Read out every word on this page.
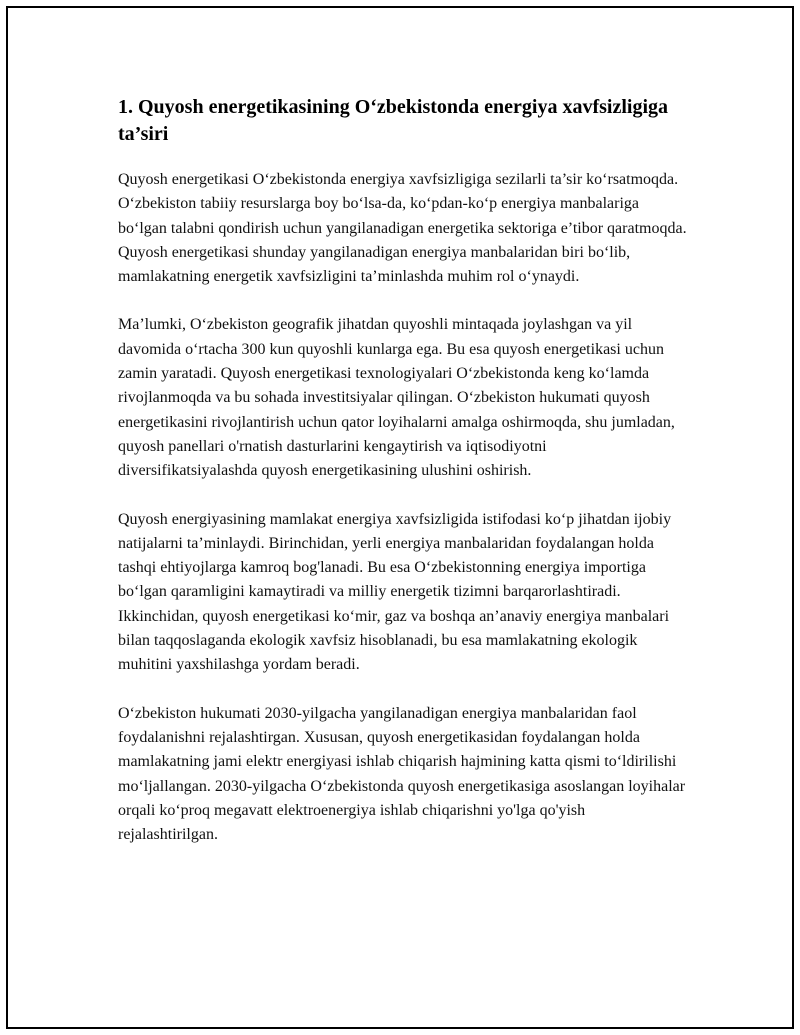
1. Quyosh energetikasining O‘zbekistonda energiya xavfsizligiga ta’siri

Quyosh energetikasi O‘zbekistonda energiya xavfsizligiga sezilarli ta’sir ko‘rsatmoqda. O‘zbekiston tabiiy resurslarga boy bo‘lsa-da, ko‘pdan-ko‘p energiya manbalariga bo‘lgan talabni qondirish uchun yangilanadigan energetika sektoriga e’tibor qaratmoqda. Quyosh energetikasi shunday yangilanadigan energiya manbalaridan biri bo‘lib, mamlakatning energetik xavfsizligini ta’minlashda muhim rol o‘ynaydi.

Ma’lumki, O‘zbekiston geografik jihatdan quyoshli mintaqada joylashgan va yil davomida o‘rtacha 300 kun quyoshli kunlarga ega. Bu esa quyosh energetikasi uchun zamin yaratadi. Quyosh energetikasi texnologiyalari O‘zbekistonda keng ko‘lamda rivojlanmoqda va bu sohada investitsiyalar qilingan. O‘zbekiston hukumati quyosh energetikasini rivojlantirish uchun qator loyihalarni amalga oshirmoqda, shu jumladan, quyosh panellari o'rnatish dasturlarini kengaytirish va iqtisodiyotni diversifikatsiyalashda quyosh energetikasining ulushini oshirish.

Quyosh energiyasining mamlakat energiya xavfsizligida istifodasi ko‘p jihatdan ijobiy natijalarni ta’minlaydi. Birinchidan, yerli energiya manbalaridan foydalangan holda tashqi ehtiyojlarga kamroq bog'lanadi. Bu esa O‘zbekistonning energiya importiga bo‘lgan qaramligini kamaytiradi va milliy energetik tizimni barqarorlashtiradi. Ikkinchidan, quyosh energetikasi ko‘mir, gaz va boshqa an’anaviy energiya manbalari bilan taqqoslaganda ekologik xavfsiz hisoblanadi, bu esa mamlakatning ekologik muhitini yaxshilashga yordam beradi.

O‘zbekiston hukumati 2030-yilgacha yangilanadigan energiya manbalaridan faol foydalanishni rejalashtirgan. Xususan, quyosh energetikasidan foydalangan holda mamlakatning jami elektr energiyasi ishlab chiqarish hajmining katta qismi to‘ldirilishi mo‘ljallangan. 2030-yilgacha O‘zbekistonda quyosh energetikasiga asoslangan loyihalar orqali ko‘proq megavatt elektroenergiya ishlab chiqarishni yo'lga qo'yish rejalashtirilgan.
